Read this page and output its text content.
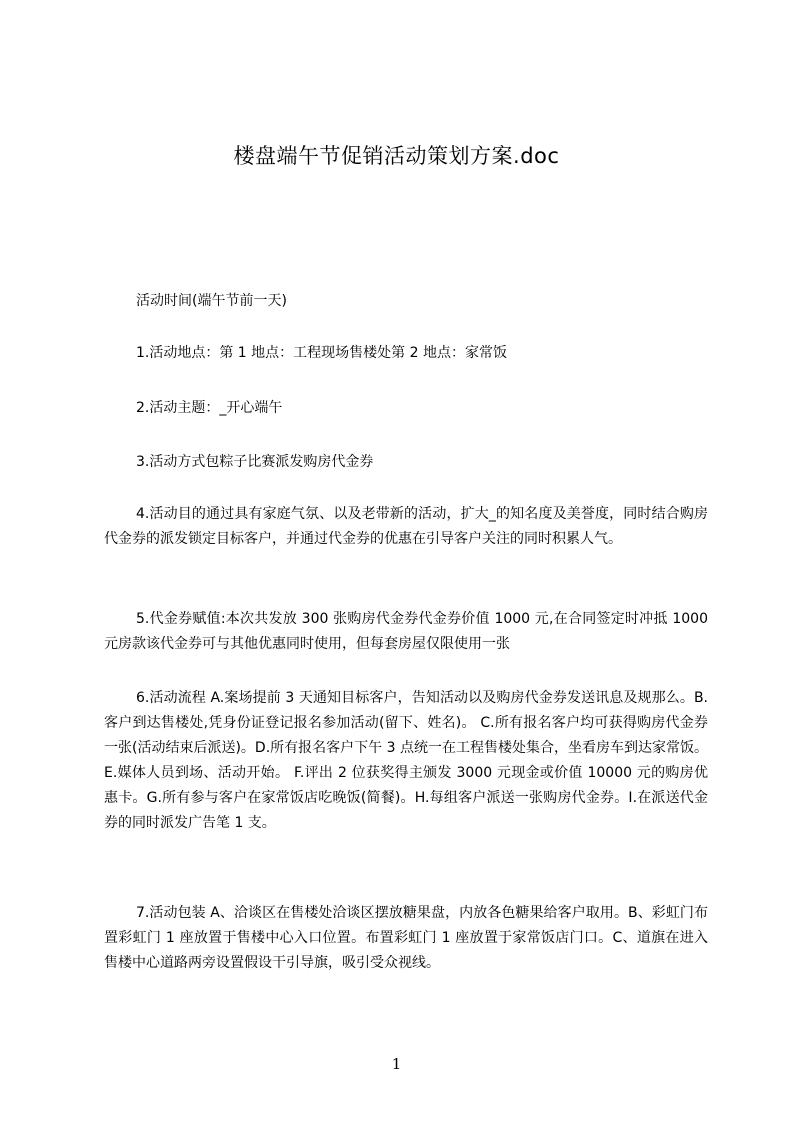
楼盘端午节促销活动策划方案.doc

活动时间(端午节前一天)

1.活动地点：第 1 地点：工程现场售楼处第 2 地点：家常饭

2.活动主题：_开心端午

3.活动方式包粽子比赛派发购房代金券

4.活动目的通过具有家庭气氛、以及老带新的活动，扩大_的知名度及美誉度，同时结合购房代金券的派发锁定目标客户，并通过代金券的优惠在引导客户关注的同时积累人气。

5.代金券赋值:本次共发放 300 张购房代金券代金券价值 1000 元,在合同签定时冲抵 1000 元房款该代金券可与其他优惠同时使用，但每套房屋仅限使用一张

6.活动流程 A.案场提前 3 天通知目标客户，告知活动以及购房代金券发送讯息及规那么。B.客户到达售楼处,凭身份证登记报名参加活动(留下、姓名)。 C.所有报名客户均可获得购房代金券一张(活动结束后派送)。D.所有报名客户下午 3 点统一在工程售楼处集合，坐看房车到达家常饭。E.媒体人员到场、活动开始。 F.评出 2 位获奖得主颁发 3000 元现金或价值 10000 元的购房优惠卡。G.所有参与客户在家常饭店吃晚饭(简餐)。H.每组客户派送一张购房代金券。I.在派送代金券的同时派发广告笔 1 支。

7.活动包装 A、洽谈区在售楼处洽谈区摆放糖果盘，内放各色糖果给客户取用。B、彩虹门布置彩虹门 1 座放置于售楼中心入口位置。布置彩虹门 1 座放置于家常饭店门口。C、道旗在进入售楼中心道路两旁设置假设干引导旗，吸引受众视线。

1
